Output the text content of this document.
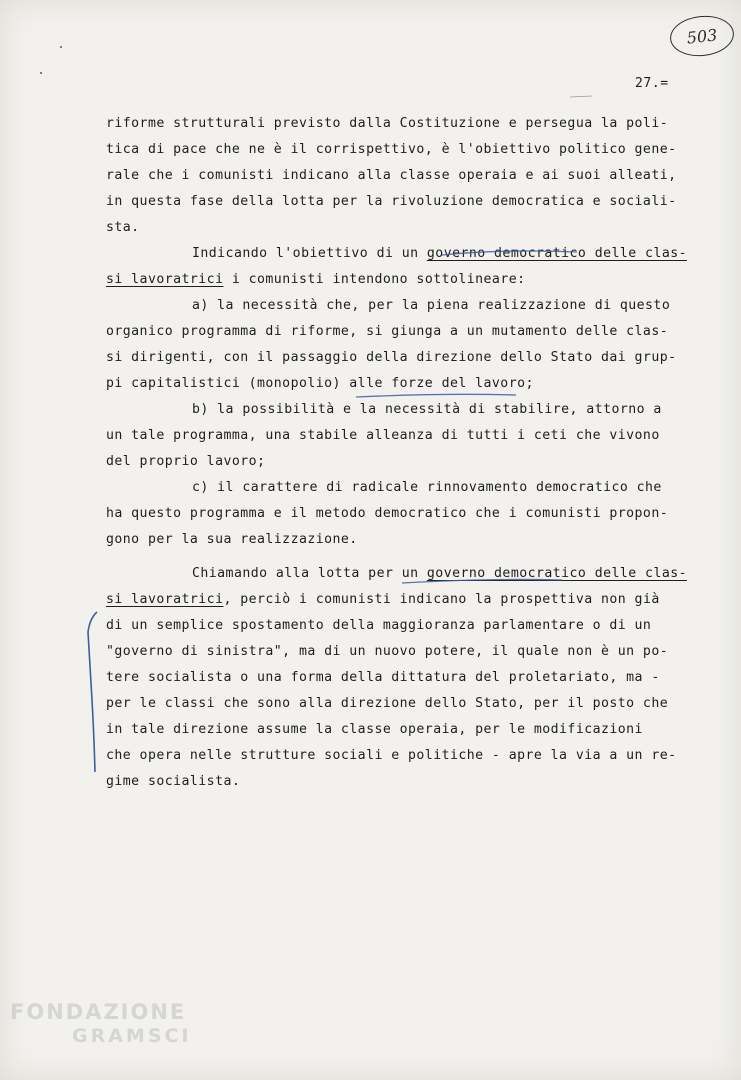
503
27.=
riforme strutturali previsto dalla Costituzione e persegua la poli-
tica di pace che ne è il corrispettivo, è l'obiettivo politico gene-
rale che i comunisti indicano alla classe operaia e ai suoi alleati,
in questa fase della lotta per la rivoluzione democratica e sociali-
sta.
Indicando l'obiettivo di un governo democratico delle clas-
si lavoratrici i comunisti intendono sottolineare:
a) la necessità che, per la piena realizzazione di questo
organico programma di riforme, si giunga a un mutamento delle clas-
si dirigenti, con il passaggio della direzione dello Stato dai grup-
pi capitalistici (monopolio) alle forze del lavoro;
b) la possibilità e la necessità di stabilire, attorno a
un tale programma, una stabile alleanza di tutti i ceti che vivono
del proprio lavoro;
c) il carattere di radicale rinnovamento democratico che
ha questo programma e il metodo democratico che i comunisti propon-
gono per la sua realizzazione.
Chiamando alla lotta per un governo democratico delle clas-
si lavoratrici, perciò i comunisti indicano la prospettiva non già
di un semplice spostamento della maggioranza parlamentare o di un
"governo di sinistra", ma di un nuovo potere, il quale non è un po-
tere socialista o una forma della dittatura del proletariato, ma -
per le classi che sono alla direzione dello Stato, per il posto che
in tale direzione assume la classe operaia, per le modificazioni
che opera nelle strutture sociali e politiche - apre la via a un re-
gime socialista.
FONDAZIONE
GRAMSCI
